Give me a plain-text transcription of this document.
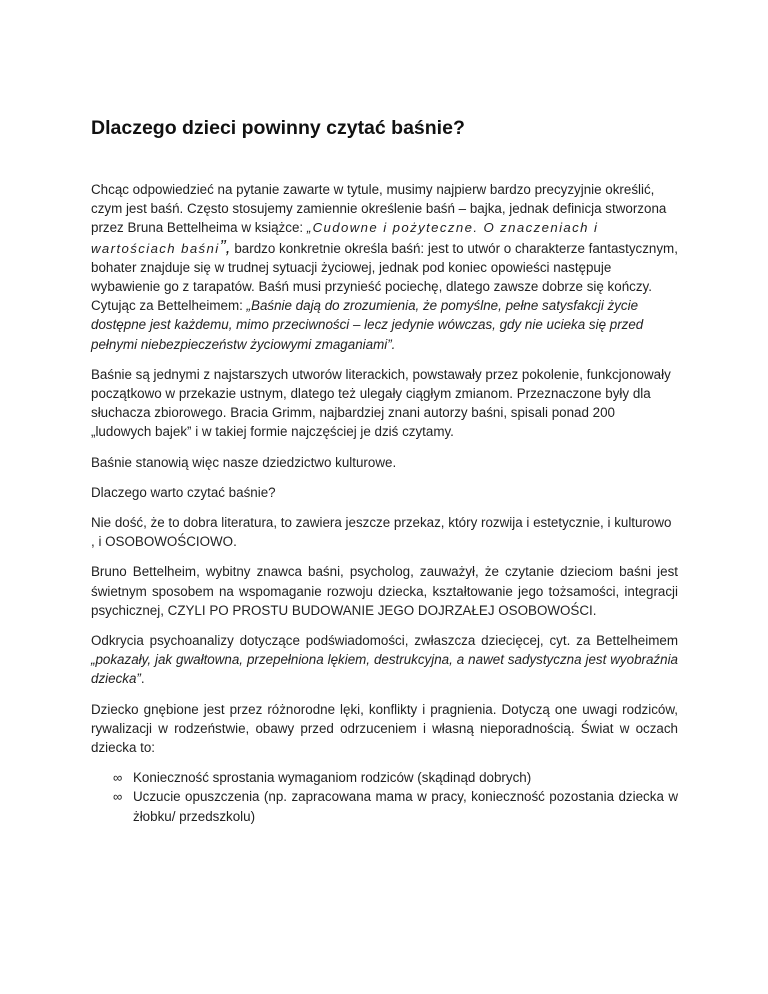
Dlaczego dzieci powinny czytać baśnie?

Chcąc odpowiedzieć na pytanie zawarte w tytule, musimy najpierw bardzo precyzyjnie określić, czym jest baśń. Często stosujemy zamiennie określenie baśń – bajka, jednak definicja stworzona przez Bruna Bettelheima w książce: „Cudowne i pożyteczne. O znaczeniach i wartościach baśni”, bardzo konkretnie określa baśń: jest to utwór o charakterze fantastycznym, bohater znajduje się w trudnej sytuacji życiowej, jednak pod koniec opowieści następuje wybawienie go z tarapatów. Baśń musi przynieść pociechę, dlatego zawsze dobrze się kończy. Cytując za Bettelheimem: „Baśnie dają do zrozumienia, że pomyślne, pełne satysfakcji życie dostępne jest każdemu, mimo przeciwności – lecz jedynie wówczas, gdy nie ucieka się przed pełnymi niebezpieczeństw życiowymi zmaganiami”.

Baśnie są jednymi z najstarszych utworów literackich, powstawały przez pokolenie, funkcjonowały początkowo w przekazie ustnym, dlatego też ulegały ciągłym zmianom. Przeznaczone były dla słuchacza zbiorowego. Bracia Grimm, najbardziej znani autorzy baśni, spisali ponad 200 „ludowych bajek” i w takiej formie najczęściej je dziś czytamy.

Baśnie stanowią więc nasze dziedzictwo kulturowe.

Dlaczego warto czytać baśnie?

Nie dość, że to dobra literatura, to zawiera jeszcze przekaz, który rozwija i estetycznie, i kulturowo , i OSOBOWOŚCIOWO.

Bruno Bettelheim, wybitny znawca baśni, psycholog, zauważył, że czytanie dzieciom baśni jest świetnym sposobem na wspomaganie rozwoju dziecka, kształtowanie jego tożsamości, integracji psychicznej, CZYLI PO PROSTU BUDOWANIE JEGO DOJRZAŁEJ OSOBOWOŚCI.

Odkrycia psychoanalizy dotyczące podświadomości, zwłaszcza dziecięcej, cyt. za Bettelheimem „pokazały, jak gwałtowna, przepełniona lękiem, destrukcyjna, a nawet sadystyczna jest wyobraźnia dziecka”.

Dziecko gnębione jest przez różnorodne lęki, konflikty i pragnienia. Dotyczą one uwagi rodziców, rywalizacji w rodzeństwie, obawy przed odrzuceniem i własną nieporadnością. Świat w oczach dziecka to:

∞ Konieczność sprostania wymaganiom rodziców (skądinąd dobrych)
∞ Uczucie opuszczenia (np. zapracowana mama w pracy, konieczność pozostania dziecka w żłobku/ przedszkolu)
